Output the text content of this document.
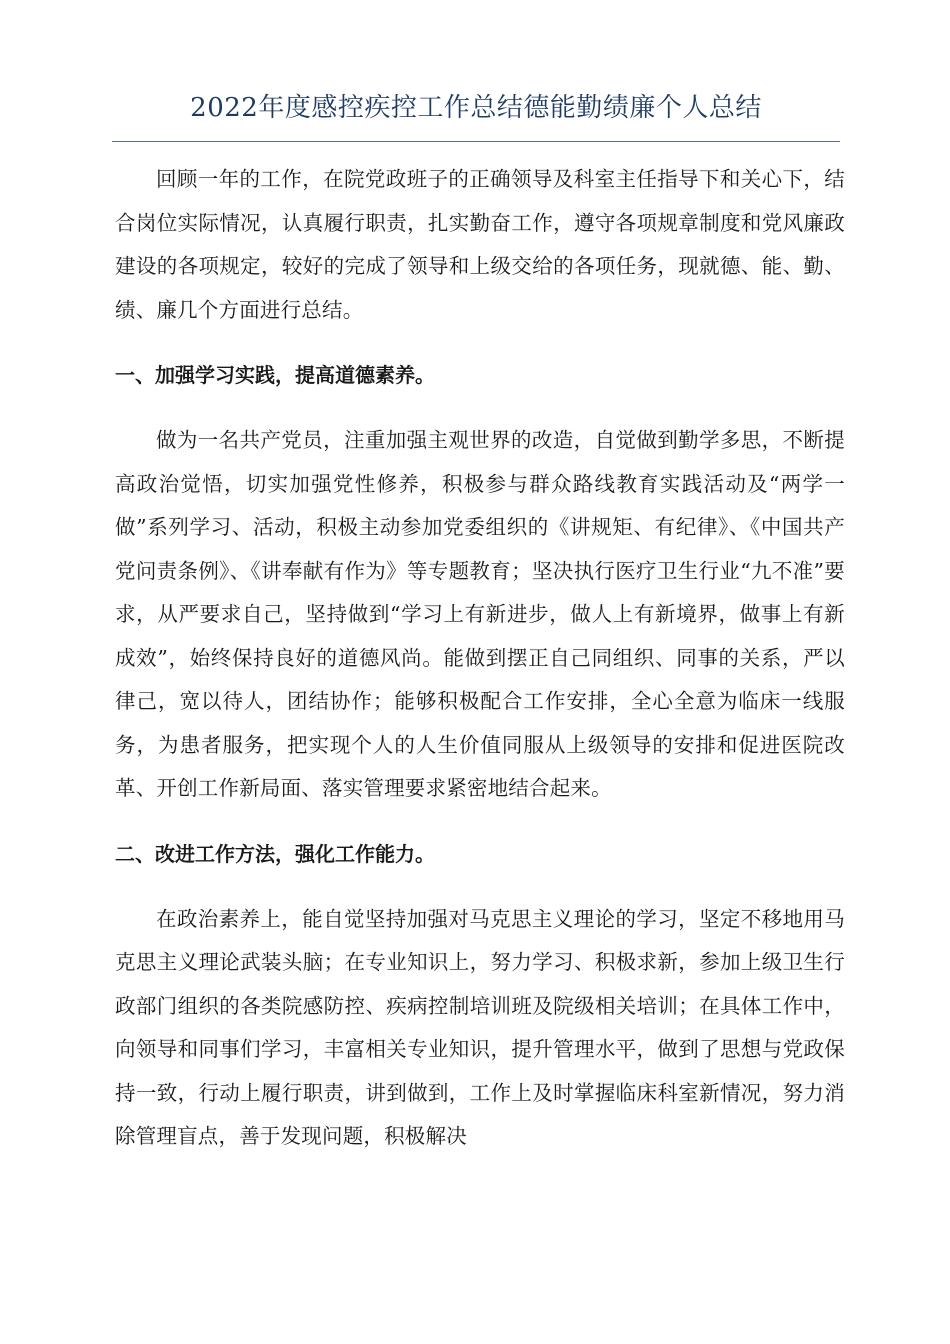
2022年度感控疾控工作总结德能勤绩廉个人总结

回顾一年的工作，在院党政班子的正确领导及科室主任指导下和关心下，结合岗位实际情况，认真履行职责，扎实勤奋工作，遵守各项规章制度和党风廉政建设的各项规定，较好的完成了领导和上级交给的各项任务，现就德、能、勤、绩、廉几个方面进行总结。

一、加强学习实践，提高道德素养。

做为一名共产党员，注重加强主观世界的改造，自觉做到勤学多思，不断提高政治觉悟，切实加强党性修养，积极参与群众路线教育实践活动及“两学一做”系列学习、活动，积极主动参加党委组织的《讲规矩、有纪律》、《中国共产党问责条例》、《讲奉献有作为》等专题教育；坚决执行医疗卫生行业“九不准”要求，从严要求自己，坚持做到“学习上有新进步，做人上有新境界，做事上有新成效”，始终保持良好的道德风尚。能做到摆正自己同组织、同事的关系，严以律己，宽以待人，团结协作；能够积极配合工作安排，全心全意为临床一线服务，为患者服务，把实现个人的人生价值同服从上级领导的安排和促进医院改革、开创工作新局面、落实管理要求紧密地结合起来。

二、改进工作方法，强化工作能力。

在政治素养上，能自觉坚持加强对马克思主义理论的学习，坚定不移地用马克思主义理论武装头脑；在专业知识上，努力学习、积极求新，参加上级卫生行政部门组织的各类院感防控、疾病控制培训班及院级相关培训；在具体工作中，向领导和同事们学习，丰富相关专业知识，提升管理水平，做到了思想与党政保持一致，行动上履行职责，讲到做到，工作上及时掌握临床科室新情况，努力消除管理盲点，善于发现问题，积极解决
